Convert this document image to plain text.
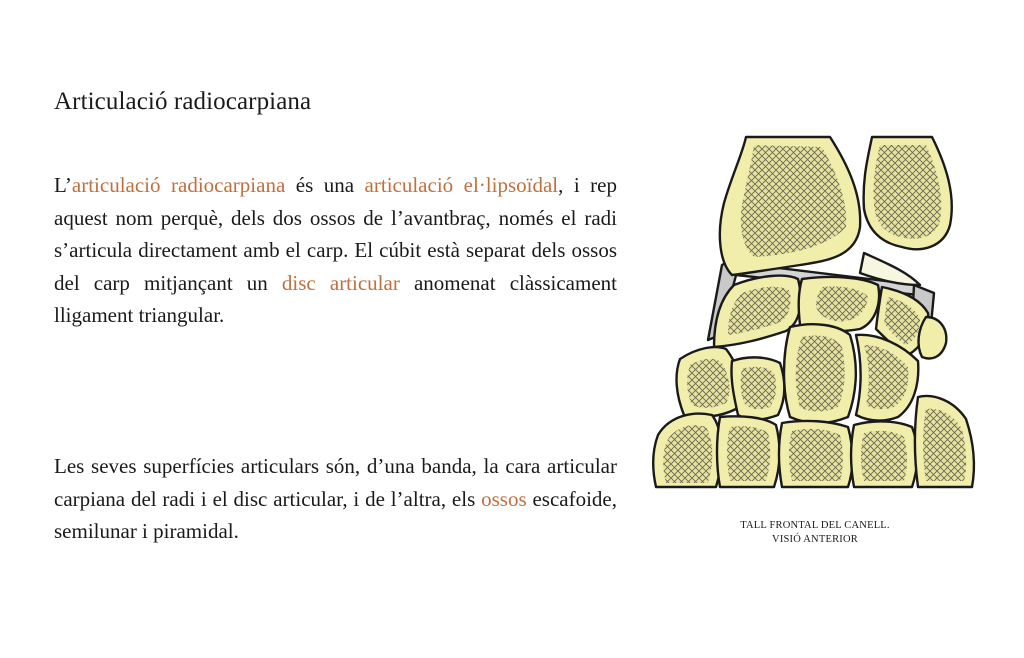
Articulació radiocarpiana

L’articulació radiocarpiana és una articulació el·lipsoïdal, i rep aquest nom perquè, dels dos ossos de l’avantbraç, només el radi s’articula directament amb el carp. El cúbit està separat dels ossos del carp mitjançant un disc articular anomenat clàssicament lligament triangular.

Les seves superfícies articulars són, d’una banda, la cara articular carpiana del radi i el disc articular, i de l’altra, els ossos escafoide, semilunar i piramidal.	TALL FRONTAL DEL CANELL.
VISIÓ ANTERIOR
